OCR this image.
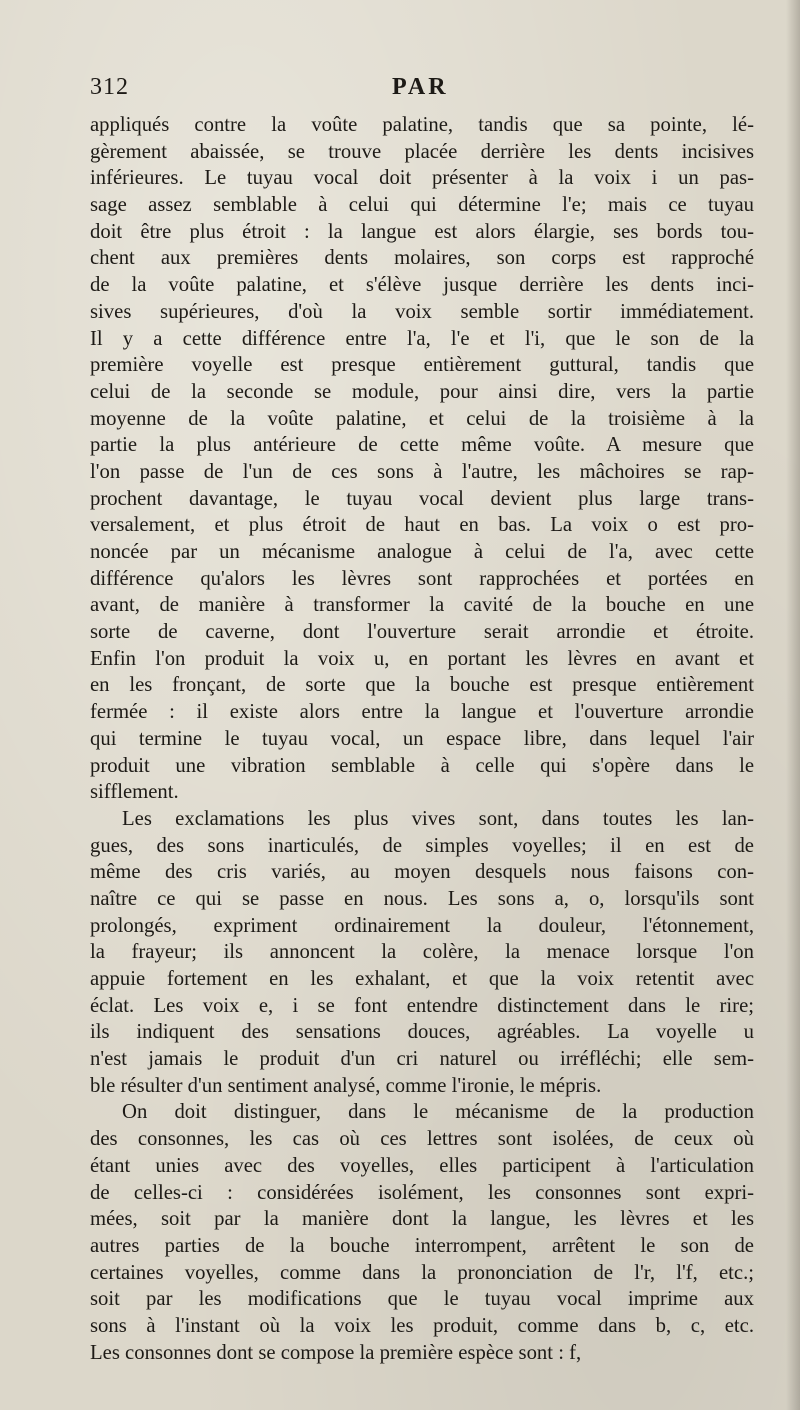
312	PAR
appliqués contre la voûte palatine, tandis que sa pointe, lé-
gèrement abaissée, se trouve placée derrière les dents incisives
inférieures. Le tuyau vocal doit présenter à la voix i un pas-
sage assez semblable à celui qui détermine l'e; mais ce tuyau
doit être plus étroit : la langue est alors élargie, ses bords tou-
chent aux premières dents molaires, son corps est rapproché
de la voûte palatine, et s'élève jusque derrière les dents inci-
sives supérieures, d'où la voix semble sortir immédiatement.
Il y a cette différence entre l'a, l'e et l'i, que le son de la
première voyelle est presque entièrement guttural, tandis que
celui de la seconde se module, pour ainsi dire, vers la partie
moyenne de la voûte palatine, et celui de la troisième à la
partie la plus antérieure de cette même voûte. A mesure que
l'on passe de l'un de ces sons à l'autre, les mâchoires se rap-
prochent davantage, le tuyau vocal devient plus large trans-
versalement, et plus étroit de haut en bas. La voix o est pro-
noncée par un mécanisme analogue à celui de l'a, avec cette
différence qu'alors les lèvres sont rapprochées et portées en
avant, de manière à transformer la cavité de la bouche en une
sorte de caverne, dont l'ouverture serait arrondie et étroite.
Enfin l'on produit la voix u, en portant les lèvres en avant et
en les fronçant, de sorte que la bouche est presque entièrement
fermée : il existe alors entre la langue et l'ouverture arrondie
qui termine le tuyau vocal, un espace libre, dans lequel l'air
produit une vibration semblable à celle qui s'opère dans le
sifflement.
Les exclamations les plus vives sont, dans toutes les lan-
gues, des sons inarticulés, de simples voyelles; il en est de
même des cris variés, au moyen desquels nous faisons con-
naître ce qui se passe en nous. Les sons a, o, lorsqu'ils sont
prolongés, expriment ordinairement la douleur, l'étonnement,
la frayeur; ils annoncent la colère, la menace lorsque l'on
appuie fortement en les exhalant, et que la voix retentit avec
éclat. Les voix e, i se font entendre distinctement dans le rire;
ils indiquent des sensations douces, agréables. La voyelle u
n'est jamais le produit d'un cri naturel ou irréfléchi; elle sem-
ble résulter d'un sentiment analysé, comme l'ironie, le mépris.
On doit distinguer, dans le mécanisme de la production
des consonnes, les cas où ces lettres sont isolées, de ceux où
étant unies avec des voyelles, elles participent à l'articulation
de celles-ci : considérées isolément, les consonnes sont expri-
mées, soit par la manière dont la langue, les lèvres et les
autres parties de la bouche interrompent, arrêtent le son de
certaines voyelles, comme dans la prononciation de l'r, l'f, etc.;
soit par les modifications que le tuyau vocal imprime aux
sons à l'instant où la voix les produit, comme dans b, c, etc.
Les consonnes dont se compose la première espèce sont : f,
